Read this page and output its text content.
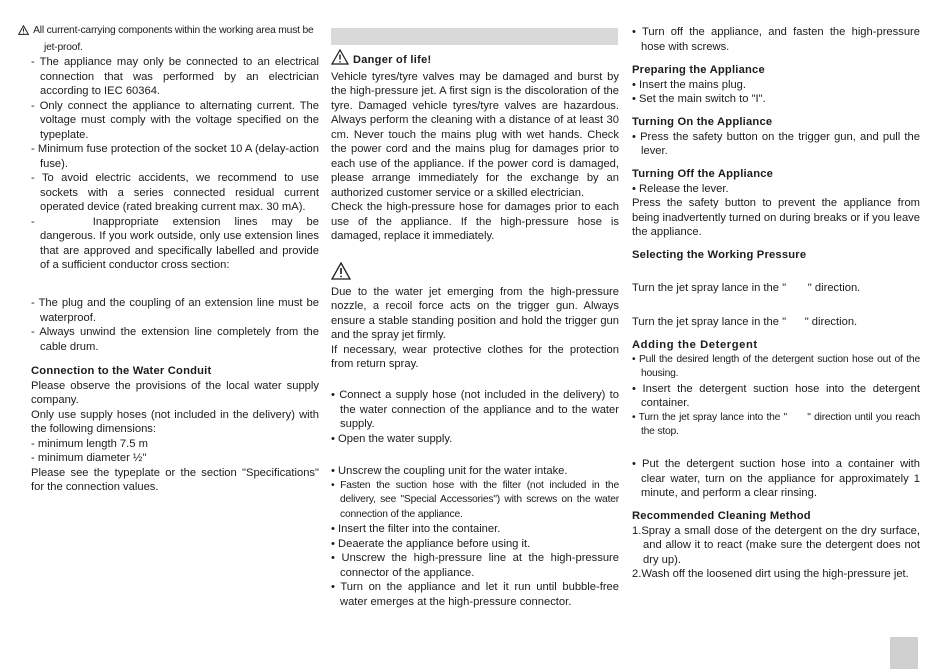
All current-carrying components within the working area must be jet-proof.

- The appliance may only be connected to an electrical connection that was performed by an electrician according to IEC 60364.

- Only connect the appliance to alternating current. The voltage must comply with the voltage specified on the typeplate.

- Minimum fuse protection of the socket 10 A (delay-action fuse).

- To avoid electric accidents, we recommend to use sockets with a series connected residual current operated device (rated breaking current max. 30 mA).

-	Inappropriate extension lines may be dangerous. If you work outside, only use extension lines that are approved and specifically labelled and provide of a sufficient conductor cross section:

- The plug and the coupling of an extension line must be waterproof.

- Always unwind the extension line completely from the cable drum.

Connection to the Water Conduit

Please observe the provisions of the local water supply company.

Only use supply hoses (not included in the delivery) with the following dimensions:

- minimum length 7.5 m

- minimum diameter ½''

Please see the typeplate or the section "Specifications" for the connection values.

Danger of life!

Vehicle tyres/tyre valves may be damaged and burst by the high-pressure jet. A first sign is the discoloration of the tyre. Damaged vehicle tyres/tyre valves are hazardous. Always perform the cleaning with a distance of at least 30 cm. Never touch the mains plug with wet hands. Check the power cord and the mains plug for damages prior to each use of the appliance. If the power cord is damaged, please arrange immediately for the exchange by an authorized customer service or a skilled electrician.

Check the high-pressure hose for damages prior to each use of the appliance. If the high-pressure hose is damaged, replace it immediately.

Due to the water jet emerging from the high-pressure nozzle, a recoil force acts on the trigger gun. Always ensure a stable standing position and hold the trigger gun and the spray jet firmly.

If necessary, wear protective clothes for the protection from return spray.

• Connect a supply hose (not included in the delivery) to the water connection of the appliance and to the water supply.

• Open the water supply.

• Unscrew the coupling unit for the water intake.

• Fasten the suction hose with the filter (not included in the delivery, see "Special Accessories") with screws on the water connection of the appliance.

• Insert the filter into the container.

• Deaerate the appliance before using it.

• Unscrew the high-pressure line at the high-pressure connector of the appliance.

• Turn on the appliance and let it run until bubble-free water emerges at the high-pressure connector.

• Turn off the appliance, and fasten the high-pressure hose with screws.

Preparing the Appliance

• Insert the mains plug.

• Set the main switch to "I".

Turning On the Appliance

• Press the safety button on the trigger gun, and pull the lever.

Turning Off the Appliance

• Release the lever.

Press the safety button to prevent the appliance from being inadvertently turned on during breaks or if you leave the appliance.

Selecting the Working Pressure

Turn the jet spray lance in the "       " direction.

Turn the jet spray lance in the "      " direction.

Adding the Detergent

• Pull the desired length of the detergent suction hose out of the housing.

• Insert the detergent suction hose into the detergent container.

• Turn the jet spray lance into the "      " direction until you reach the stop.

• Put the detergent suction hose into a container with clear water, turn on the appliance for approximately 1 minute, and perform a clear rinsing.

Recommended Cleaning Method

1.Spray a small dose of the detergent on the dry surface, and allow it to react (make sure the detergent does not dry up).

2.Wash off the loosened dirt using the high-pressure jet.
